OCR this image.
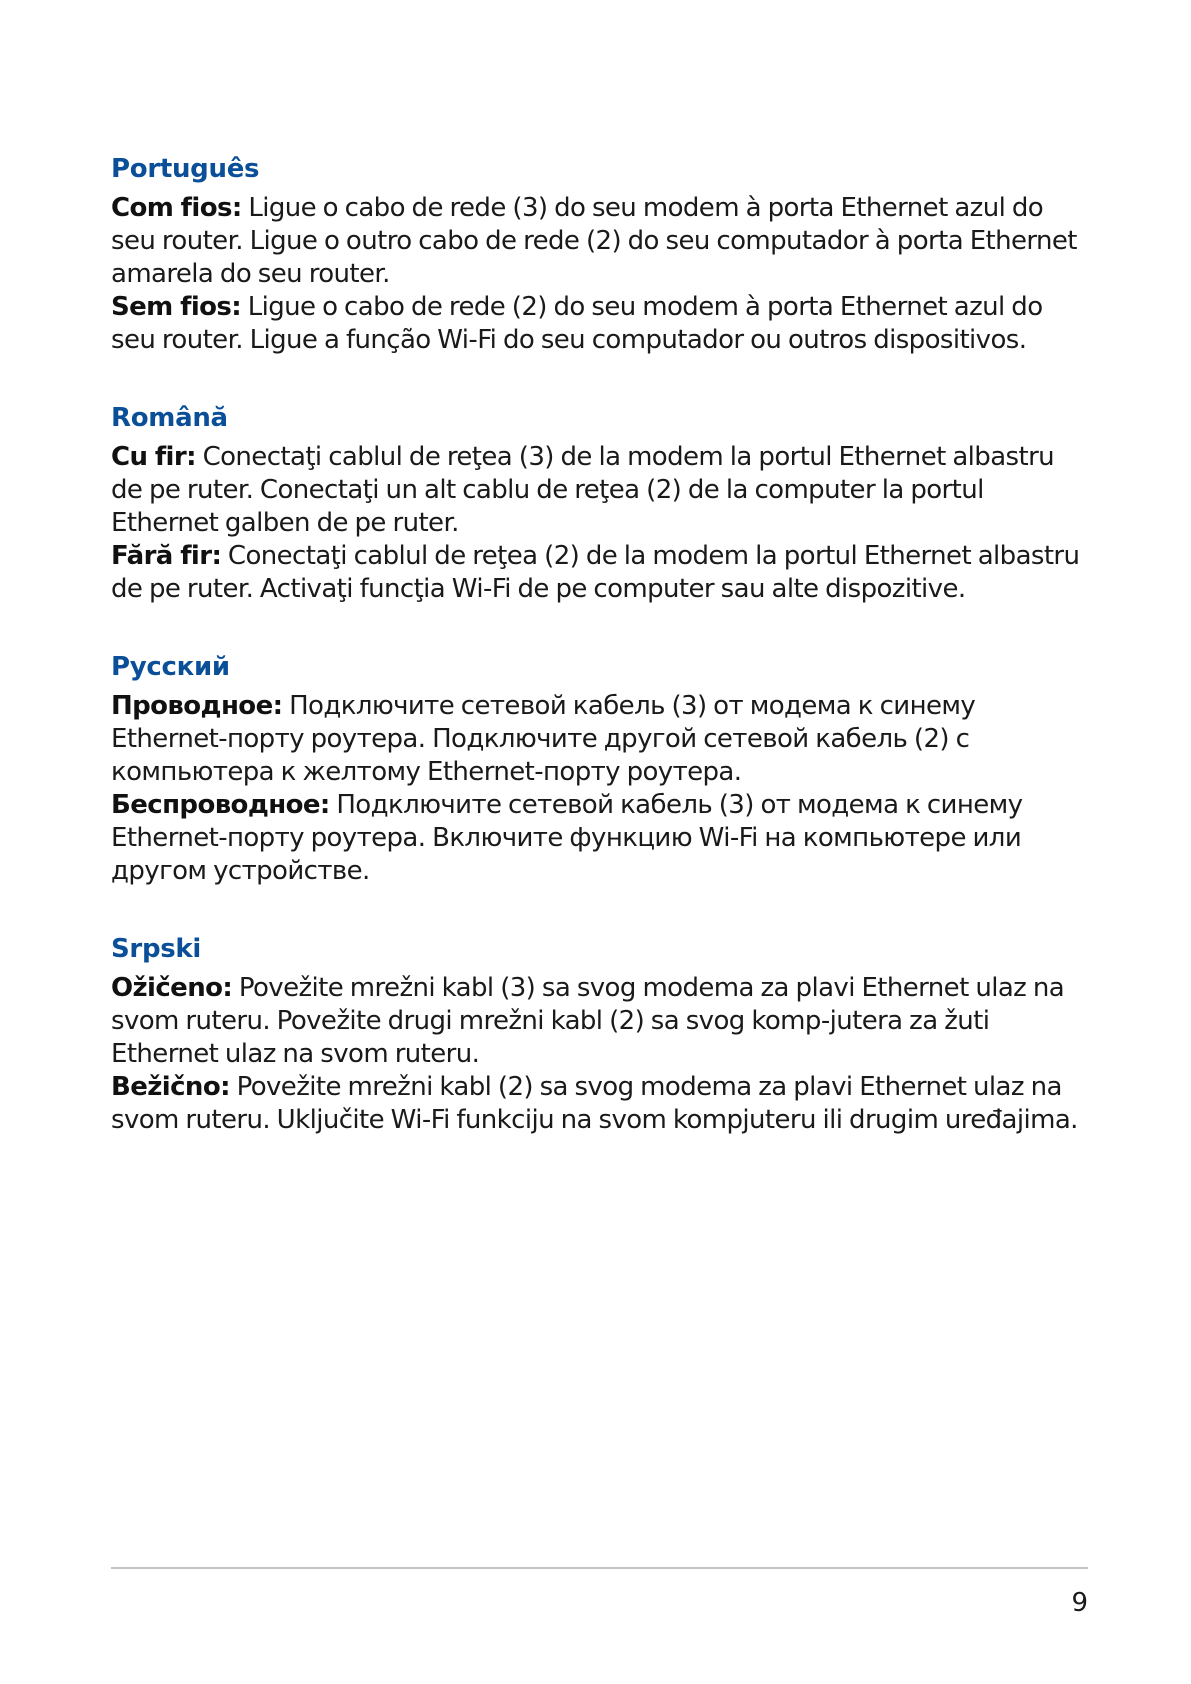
Português

Com fios: Ligue o cabo de rede (3) do seu modem à porta Ethernet azul do seu router. Ligue o outro cabo de rede (2) do seu computador à porta Ethernet amarela do seu router.

Sem fios: Ligue o cabo de rede (2) do seu modem à porta Ethernet azul do seu router. Ligue a função Wi-Fi do seu computador ou outros dispositivos.

Română

Cu fir: Conectaţi cablul de reţea (3) de la modem la portul Ethernet albastru de pe ruter. Conectaţi un alt cablu de reţea (2) de la computer la portul Ethernet galben de pe ruter.

Fără fir: Conectaţi cablul de reţea (2) de la modem la portul Ethernet albastru de pe ruter. Activaţi funcţia Wi-Fi de pe computer sau alte dispozitive.

Русский

Проводное: Подключите сетевой кабель (3) от модема к синему Ethernet-порту роутера. Подключите другой сетевой кабель (2) с компьютера к желтому Ethernet-порту роутера.

Беспроводное: Подключите сетевой кабель (3) от модема к синему Ethernet-порту роутера. Включите функцию Wi-Fi на компьютере или другом устройстве.

Srpski

Ožičeno: Povežite mrežni kabl (3) sa svog modema za plavi Ethernet ulaz na svom ruteru. Povežite drugi mrežni kabl (2) sa svog komp-jutera za žuti Ethernet ulaz na svom ruteru.

Bežično: Povežite mrežni kabl (2) sa svog modema za plavi Ethernet ulaz na svom ruteru. Uključite Wi-Fi funkciju na svom kompjuteru ili drugim uređajima.

9
